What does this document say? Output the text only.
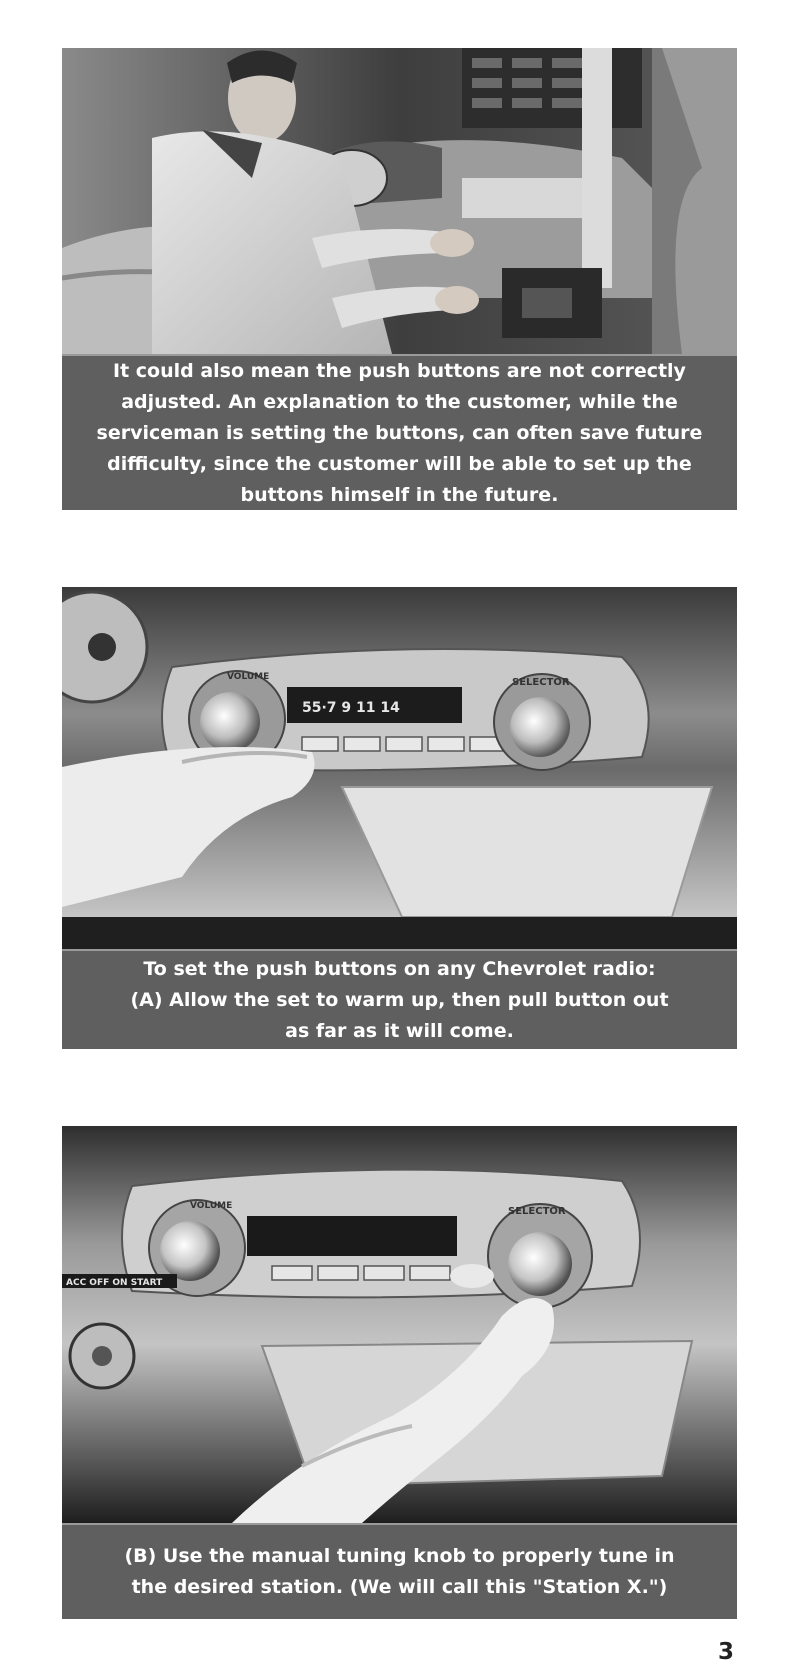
It could also mean the push buttons are not correctly
adjusted. An explanation to the customer, while the
serviceman is setting the buttons, can often save future
difficulty, since the customer will be able to set up the
buttons himself in the future.
55·7 9 11 14
VOLUME	SELECTOR
To set the push buttons on any Chevrolet radio:
(A) Allow the set to warm up, then pull button out
as far as it will come.
SELECTOR
VOLUME
ACC OFF ON START
(B) Use the manual tuning knob to properly tune in
the desired station. (We will call this "Station X.")
3
